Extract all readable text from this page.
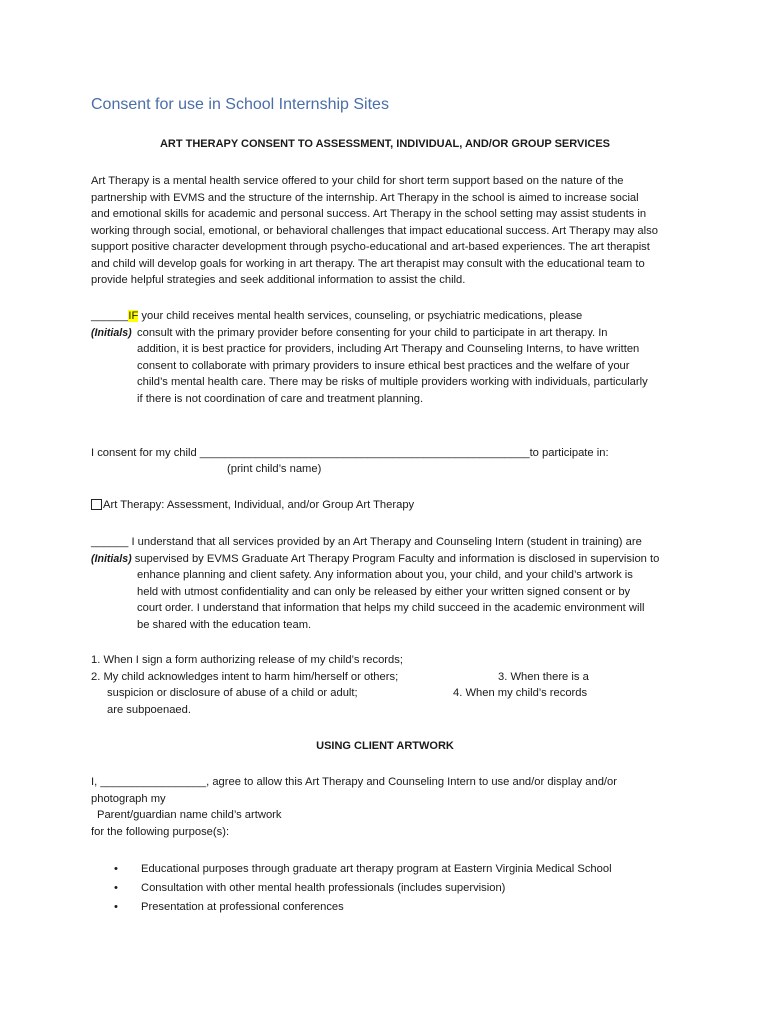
Consent for use in School Internship Sites
ART THERAPY CONSENT TO ASSESSMENT, INDIVIDUAL, AND/OR GROUP SERVICES
Art Therapy is a mental health service offered to your child for short term support based on the nature of the
partnership with EVMS and the structure of the internship. Art Therapy in the school is aimed to increase social
and emotional skills for academic and personal success. Art Therapy in the school setting may assist students in
working through social, emotional, or behavioral challenges that impact educational success. Art Therapy may also
support positive character development through psycho-educational and art-based experiences. The art therapist
and child will develop goals for working in art therapy. The art therapist may consult with the educational team to
provide helpful strategies and seek additional information to assist the child.
______IF your child receives mental health services, counseling, or psychiatric medications, please
(Initials) consult with the primary provider before consenting for your child to participate in art therapy. In
addition, it is best practice for providers, including Art Therapy and Counseling Interns, to have written
consent to collaborate with primary providers to insure ethical best practices and the welfare of your
child’s mental health care. There may be risks of multiple providers working with individuals, particularly
if there is not coordination of care and treatment planning.
I consent for my child _____________________________________________________to participate in:
(print child’s name)
Art Therapy: Assessment, Individual, and/or Group Art Therapy
______ I understand that all services provided by an Art Therapy and Counseling Intern (student in training) are
(Initials) supervised by EVMS Graduate Art Therapy Program Faculty and information is disclosed in supervision to
enhance planning and client safety. Any information about you, your child, and your child’s artwork is
held with utmost confidentiality and can only be released by either your written signed consent or by
court order. I understand that information that helps my child succeed in the academic environment will
be shared with the education team.
1. When I sign a form authorizing release of my child’s records;
2. My child acknowledges intent to harm him/herself or others;	3. When there is a
suspicion or disclosure of abuse of a child or adult;	4. When my child’s records
are subpoenaed.
USING CLIENT ARTWORK
I, _________________, agree to allow this Art Therapy and Counseling Intern to use and/or display and/or
photograph my
Parent/guardian name child’s artwork
for the following purpose(s):
• Educational purposes through graduate art therapy program at Eastern Virginia Medical School
• Consultation with other mental health professionals (includes supervision)
• Presentation at professional conferences
